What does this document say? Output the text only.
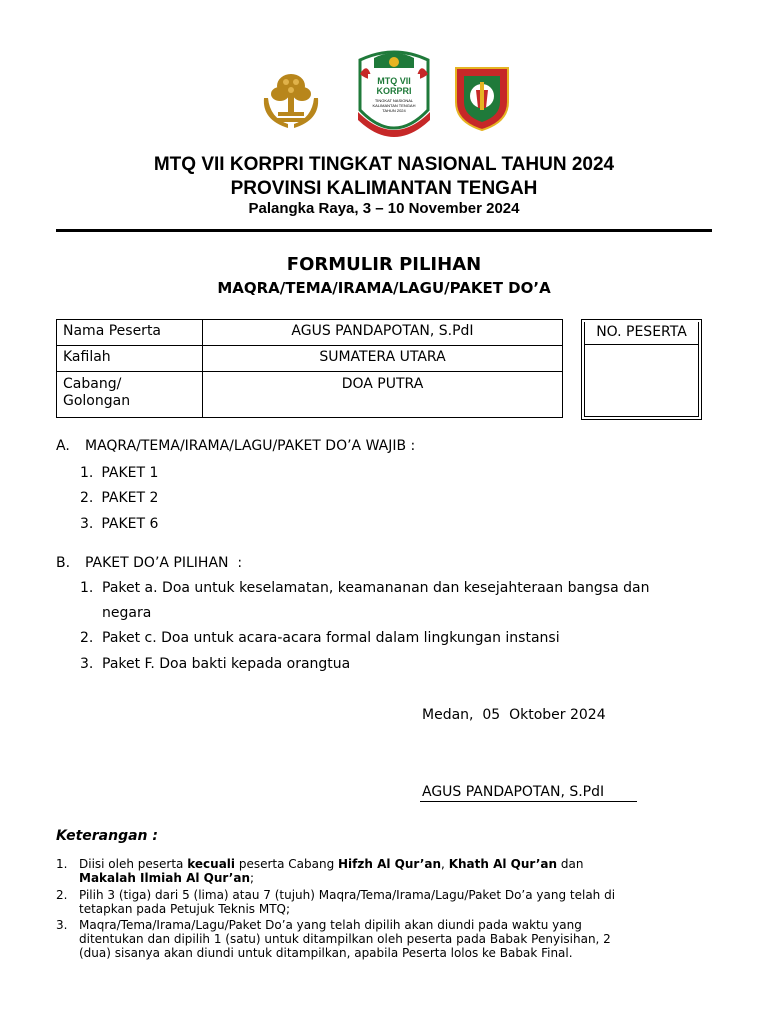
MTQ VII KORPRI
TINGKAT NASIONAL KALIMANTAN TENGAH TAHUN 2024
MTQ VII KORPRI TINGKAT NASIONAL TAHUN 2024
PROVINSI KALIMANTAN TENGAH
Palangka Raya, 3 – 10 November 2024
FORMULIR PILIHAN
MAQRA/TEMA/IRAMA/LAGU/PAKET DO’A
Nama Peserta	AGUS PANDAPOTAN, S.PdI
Kafilah	SUMATERA UTARA
Cabang/
Golongan	DOA PUTRA
NO. PESERTA
A. MAQRA/TEMA/IRAMA/LAGU/PAKET DO’A WAJIB :
1. PAKET 1
2. PAKET 2
3. PAKET 6
B. PAKET DO’A PILIHAN  :
1. Paket a. Doa untuk keselamatan, keamananan dan kesejahteraan bangsa dan
negara
2. Paket c. Doa untuk acara-acara formal dalam lingkungan instansi
3. Paket F. Doa bakti kepada orangtua
Medan,  05  Oktober 2024
AGUS PANDAPOTAN, S.PdI
Keterangan :
1. Diisi oleh peserta kecuali peserta Cabang Hifzh Al Qur’an, Khath Al Qur’an dan
Makalah Ilmiah Al Qur’an;
2. Pilih 3 (tiga) dari 5 (lima) atau 7 (tujuh) Maqra/Tema/Irama/Lagu/Paket Do’a yang telah di
tetapkan pada Petujuk Teknis MTQ;
3. Maqra/Tema/Irama/Lagu/Paket Do’a yang telah dipilih akan diundi pada waktu yang
ditentukan dan dipilih 1 (satu) untuk ditampilkan oleh peserta pada Babak Penyisihan, 2
(dua) sisanya akan diundi untuk ditampilkan, apabila Peserta lolos ke Babak Final.
